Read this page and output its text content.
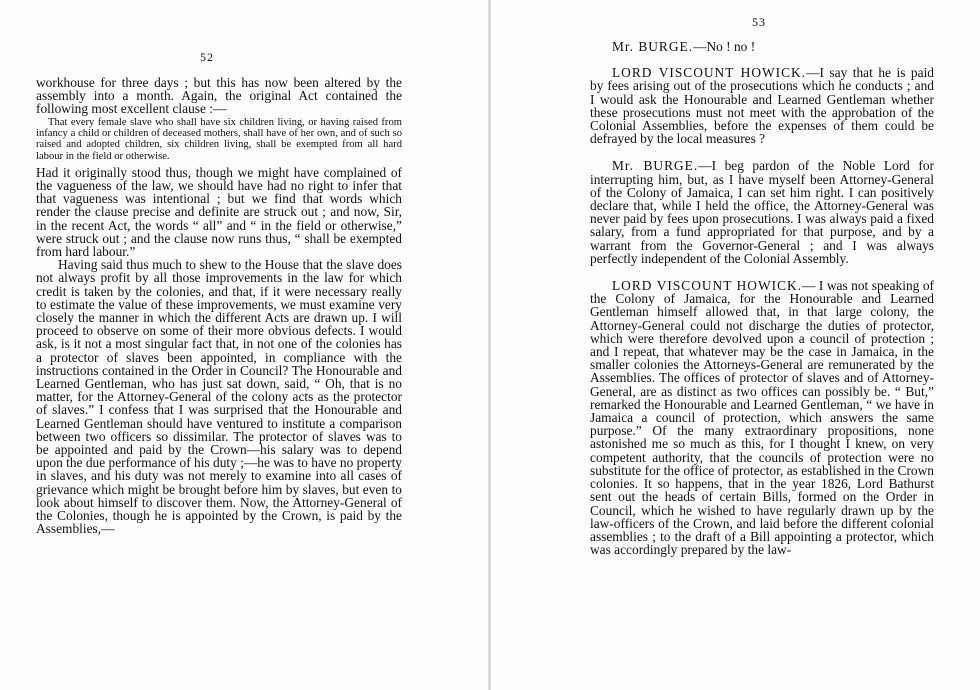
52

workhouse for three days ; but this has now been altered by the assembly into a month. Again, the original Act contained the following most excellent clause :—

That every female slave who shall have six children living, or having raised from infancy a child or children of deceased mothers, shall have of her own, and of such so raised and adopted children, six children living, shall be exempted from all hard labour in the field or otherwise.

Had it originally stood thus, though we might have complained of the vagueness of the law, we should have had no right to infer that that vagueness was intentional ; but we find that words which render the clause precise and definite are struck out ; and now, Sir, in the recent Act, the words “ all” and “ in the field or otherwise,” were struck out ; and the clause now runs thus, “ shall be exempted from hard labour.”

Having said thus much to shew to the House that the slave does not always profit by all those improvements in the law for which credit is taken by the colonies, and that, if it were necessary really to estimate the value of these improvements, we must examine very closely the manner in which the different Acts are drawn up. I will proceed to observe on some of their more obvious defects. I would ask, is it not a most singular fact that, in not one of the colonies has a protector of slaves been appointed, in compliance with the instructions contained in the Order in Council? The Honourable and Learned Gentleman, who has just sat down, said, “ Oh, that is no matter, for the Attorney-General of the colony acts as the protector of slaves.” I confess that I was surprised that the Honourable and Learned Gentleman should have ventured to institute a comparison between two officers so dissimilar. The protector of slaves was to be appointed and paid by the Crown—his salary was to depend upon the due performance of his duty ;—he was to have no property in slaves, and his duty was not merely to examine into all cases of grievance which might be brought before him by slaves, but even to look about himself to discover them. Now, the Attorney-General of the Colonies, though he is appointed by the Crown, is paid by the Assemblies,—

53

Mr. BURGE.—No ! no !

LORD VISCOUNT HOWICK.—I say that he is paid by fees arising out of the prosecutions which he conducts ; and I would ask the Honourable and Learned Gentleman whether these prosecutions must not meet with the approbation of the Colonial Assemblies, before the expenses of them could be defrayed by the local measures ?

Mr. BURGE.—I beg pardon of the Noble Lord for interrupting him, but, as I have myself been Attorney-General of the Colony of Jamaica, I can set him right. I can positively declare that, while I held the office, the Attorney-General was never paid by fees upon prosecutions. I was always paid a fixed salary, from a fund appropriated for that purpose, and by a warrant from the Governor-General ; and I was always perfectly independent of the Colonial Assembly.

LORD VISCOUNT HOWICK.— I was not speaking of the Colony of Jamaica, for the Honourable and Learned Gentleman himself allowed that, in that large colony, the Attorney-General could not discharge the duties of protector, which were therefore devolved upon a council of protection ; and I repeat, that whatever may be the case in Jamaica, in the smaller colonies the Attorneys-General are remunerated by the Assemblies. The offices of protector of slaves and of Attorney-General, are as distinct as two offices can possibly be. “ But,” remarked the Honourable and Learned Gentleman, “ we have in Jamaica a council of protection, which answers the same purpose.” Of the many extraordinary propositions, none astonished me so much as this, for I thought I knew, on very competent authority, that the councils of protection were no substitute for the office of protector, as established in the Crown colonies. It so happens, that in the year 1826, Lord Bathurst sent out the heads of certain Bills, formed on the Order in Council, which he wished to have regularly drawn up by the law-officers of the Crown, and laid before the different colonial assemblies ; to the draft of a Bill appointing a protector, which was accordingly prepared by the law-
